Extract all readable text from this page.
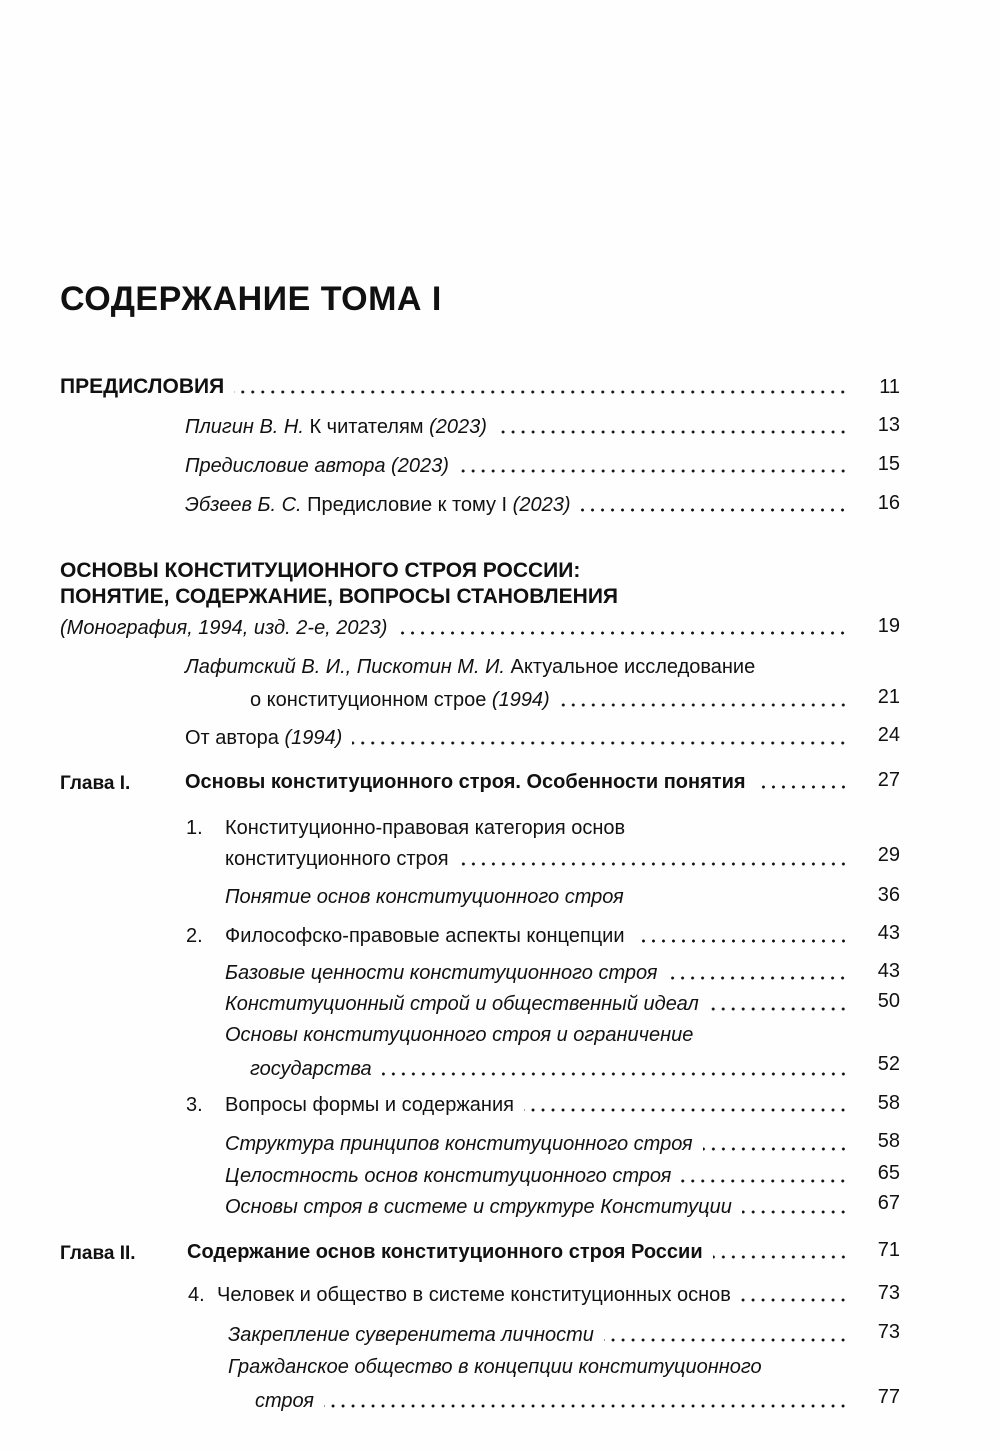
СОДЕРЖАНИЕ ТОМА I
ПРЕДИСЛОВИЯ	11
Плигин В. Н. К читателям (2023)	13
Предисловие автора (2023)	15
Эбзеев Б. С. Предисловие к тому I (2023)	16
ОСНОВЫ КОНСТИТУЦИОННОГО СТРОЯ РОССИИ:
ПОНЯТИЕ, СОДЕРЖАНИЕ, ВОПРОСЫ СТАНОВЛЕНИЯ
(Монография, 1994, изд. 2-е, 2023)	19
Лафитский В. И., Пискотин М. И. Актуальное исследование
о конституционном строе (1994)	21
От автора (1994)	24
Глава I.	Основы конституционного строя. Особенности понятия	27
1. Конституционно-правовая категория основ
конституционного строя	29
Понятие основ конституционного строя	36
2. Философско-правовые аспекты концепции	43
Базовые ценности конституционного строя	43
Конституционный строй и общественный идеал	50
Основы конституционного строя и ограничение
государства	52
3. Вопросы формы и содержания	58
Структура принципов конституционного строя	58
Целостность основ конституционного строя	65
Основы строя в системе и структуре Конституции	67
Глава II.	Содержание основ конституционного строя России	71
4. Человек и общество в системе конституционных основ	73
Закрепление суверенитета личности	73
Гражданское общество в концепции конституционного
строя	77
